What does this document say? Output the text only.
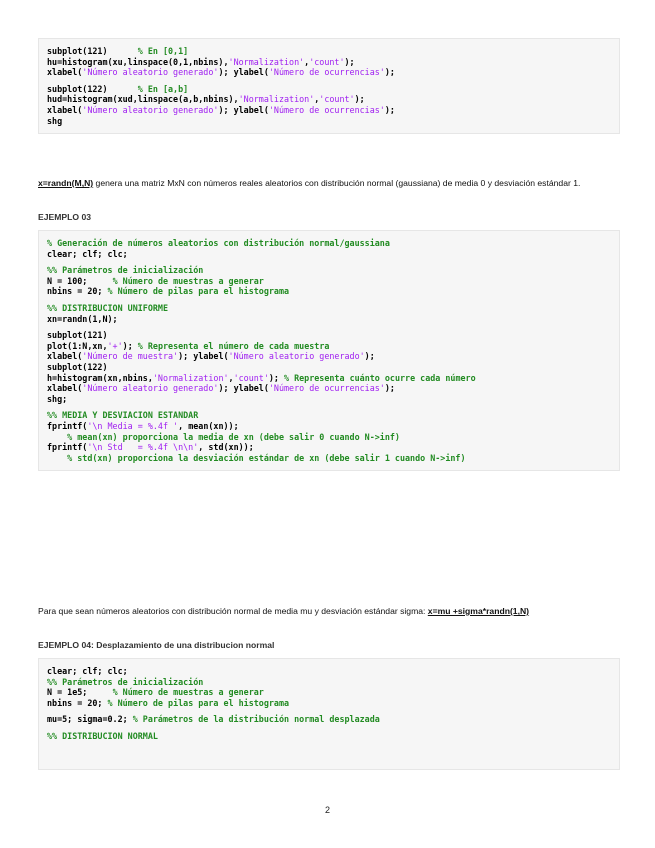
subplot(121)      % En [0,1]
hu=histogram(xu,linspace(0,1,nbins),'Normalization','count');
xlabel('Número aleatorio generado'); ylabel('Número de ocurrencias');
subplot(122)      % En [a,b]
hud=histogram(xud,linspace(a,b,nbins),'Normalization','count');
xlabel('Número aleatorio generado'); ylabel('Número de ocurrencias');
shg
x=randn(M,N) genera una matriz MxN con números reales aleatorios con distribución normal (gaussiana) de media 0 y desviación estándar 1.
EJEMPLO 03
% Generación de números aleatorios con distribución normal/gaussiana
clear; clf; clc;
%% Parámetros de inicialización
N = 100;     % Número de muestras a generar
nbins = 20; % Número de pilas para el histograma
%% DISTRIBUCION UNIFORME
xn=randn(1,N);
subplot(121)
plot(1:N,xn,'+'); % Representa el número de cada muestra
xlabel('Número de muestra'); ylabel('Número aleatorio generado');
subplot(122)
h=histogram(xn,nbins,'Normalization','count'); % Representa cuánto ocurre cada número
xlabel('Número aleatorio generado'); ylabel('Número de ocurrencias');
shg;
%% MEDIA Y DESVIACION ESTANDAR
fprintf('\n Media = %.4f ', mean(xn));
% mean(xn) proporciona la media de xn (debe salir 0 cuando N->inf)
fprintf('\n Std   = %.4f \n\n', std(xn));
% std(xn) proporciona la desviación estándar de xn (debe salir 1 cuando N->inf)
Para que sean números aleatorios con distribución normal de media mu y desviación estándar sigma: x=mu +sigma*randn(1,N)
EJEMPLO 04: Desplazamiento de una distribucion normal
clear; clf; clc;
%% Parámetros de inicialización
N = 1e5;     % Número de muestras a generar
nbins = 20; % Número de pilas para el histograma
mu=5; sigma=0.2; % Parámetros de la distribución normal desplazada
%% DISTRIBUCION NORMAL
2
